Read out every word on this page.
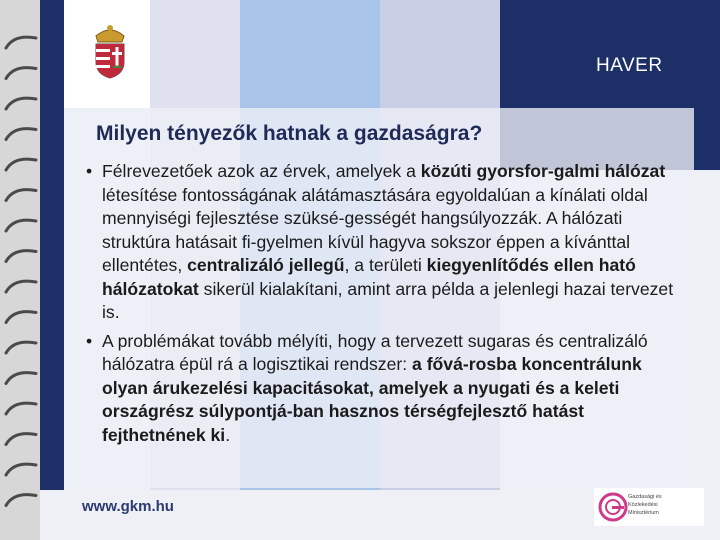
HAVER
Milyen tényezők hatnak a gazdaságra?
• Félrevezetőek azok az érvek, amelyek a közúti gyorsfor-galmi hálózat létesítése fontosságának alátámasztására egyoldalúan a kínálati oldal mennyiségi fejlesztése szüksé-gességét hangsúlyozzák. A hálózati struktúra hatásait fi-gyelmen kívül hagyva sokszor éppen a kívánttal ellentétes, centralizáló jellegű, a területi kiegyenlítődés ellen ható hálózatokat sikerül kialakítani, amint arra példa a jelenlegi hazai tervezet is.
• A problémákat tovább mélyíti, hogy a tervezett sugaras és centralizáló hálózatra épül rá a logisztikai rendszer: a fővá-rosba koncentrálunk olyan árukezelési kapacitásokat, amelyek a nyugati és a keleti országrész súlypontjá-ban hasznos térségfejlesztő hatást fejthetnének ki.
www.gkm.hu
Gazdasági és
Közlekedési
Minisztérium
